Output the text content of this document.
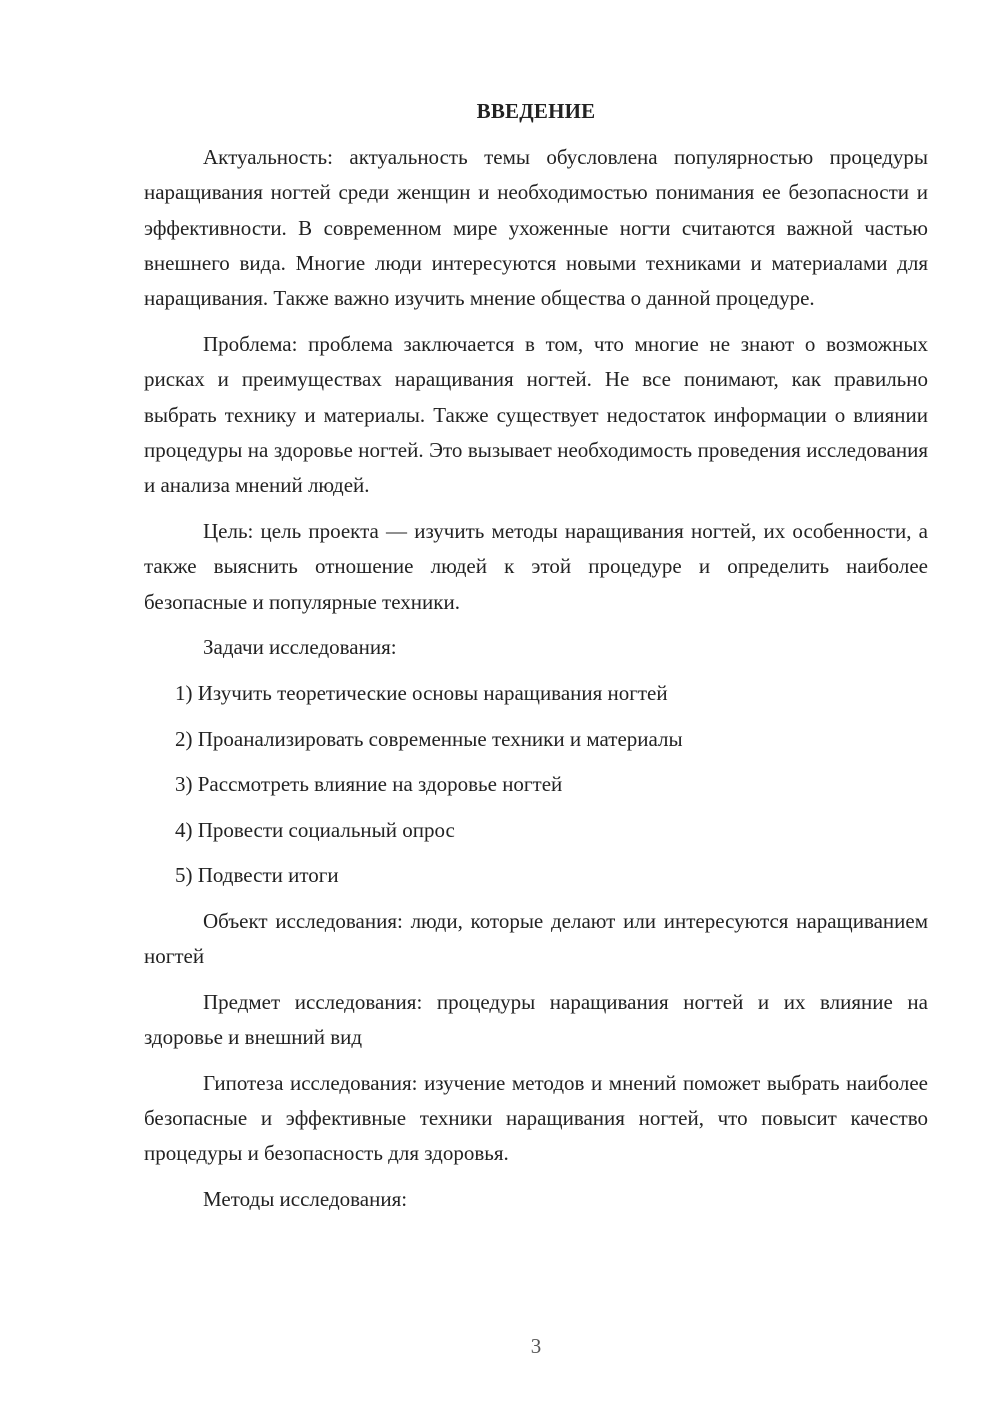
ВВЕДЕНИЕ

Актуальность: актуальность темы обусловлена популярностью процедуры наращивания ногтей среди женщин и необходимостью понимания ее безопасности и эффективности. В современном мире ухоженные ногти считаются важной частью внешнего вида. Многие люди интересуются новыми техниками и материалами для наращивания. Также важно изучить мнение общества о данной процедуре.

Проблема: проблема заключается в том, что многие не знают о возможных рисках и преимуществах наращивания ногтей. Не все понимают, как правильно выбрать технику и материалы. Также существует недостаток информации о влиянии процедуры на здоровье ногтей. Это вызывает необходимость проведения исследования и анализа мнений людей.

Цель: цель проекта — изучить методы наращивания ногтей, их особенности, а также выяснить отношение людей к этой процедуре и определить наиболее безопасные и популярные техники.

Задачи исследования:

1) Изучить теоретические основы наращивания ногтей
2) Проанализировать современные техники и материалы
3) Рассмотреть влияние на здоровье ногтей
4) Провести социальный опрос
5) Подвести итоги

Объект исследования: люди, которые делают или интересуются наращиванием ногтей

Предмет исследования: процедуры наращивания ногтей и их влияние на здоровье и внешний вид

Гипотеза исследования: изучение методов и мнений поможет выбрать наиболее безопасные и эффективные техники наращивания ногтей, что повысит качество процедуры и безопасность для здоровья.

Методы исследования:

3
